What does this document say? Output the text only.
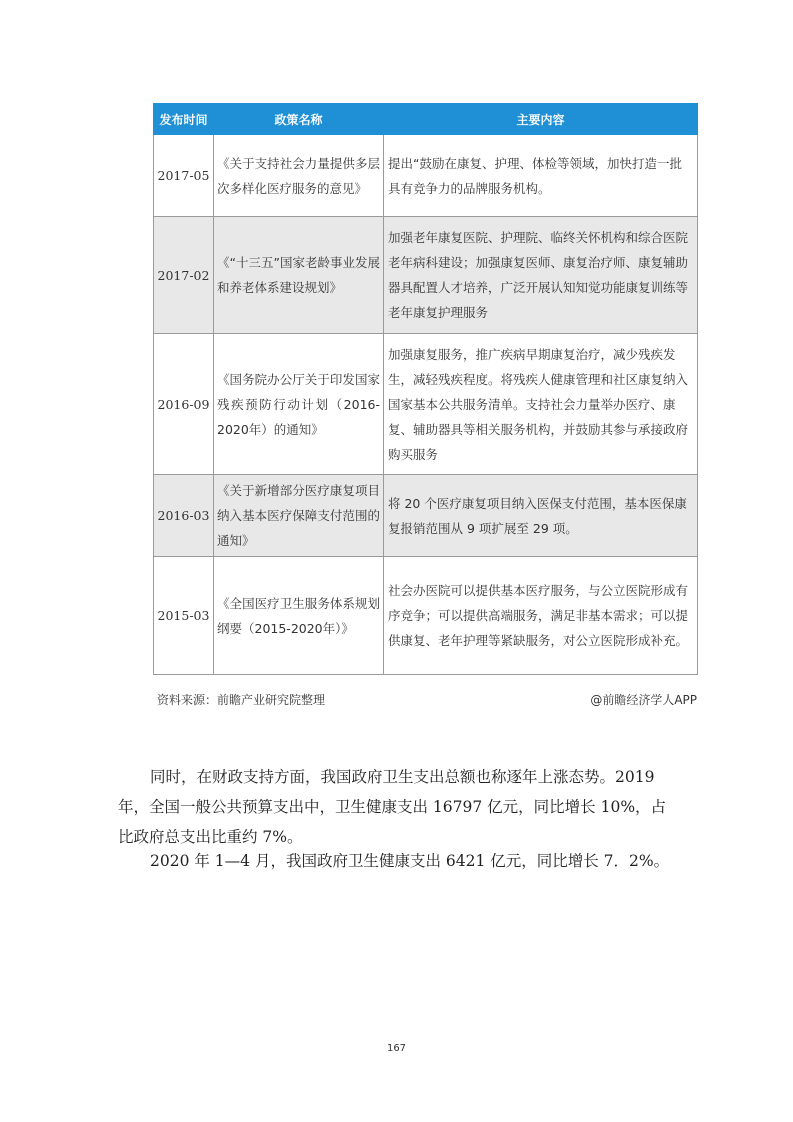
发布时间	政策名称	主要内容
2017-05	《关于支持社会力量提供多层次多样化医疗服务的意见》	提出“鼓励在康复、护理、体检等领域，加快打造一批具有竞争力的品牌服务机构。
2017-02	《“十三五”国家老龄事业发展和养老体系建设规划》	加强老年康复医院、护理院、临终关怀机构和综合医院老年病科建设；加强康复医师、康复治疗师、康复辅助器具配置人才培养，广泛开展认知知觉功能康复训练等老年康复护理服务
2016-09	《国务院办公厅关于印发国家残疾预防行动计划（2016-2020年）的通知》	加强康复服务，推广疾病早期康复治疗，减少残疾发生，减轻残疾程度。将残疾人健康管理和社区康复纳入国家基本公共服务清单。支持社会力量举办医疗、康复、辅助器具等相关服务机构，并鼓励其参与承接政府购买服务
2016-03	《关于新增部分医疗康复项目纳入基本医疗保障支付范围的通知》	将 20 个医疗康复项目纳入医保支付范围，基本医保康复报销范围从 9 项扩展至 29 项。
2015-03	《全国医疗卫生服务体系规划纲要（2015-2020年）》	社会办医院可以提供基本医疗服务，与公立医院形成有序竞争；可以提供高端服务，满足非基本需求；可以提供康复、老年护理等紧缺服务，对公立医院形成补充。
资料来源：前瞻产业研究院整理	@前瞻经济学人APP

同时，在财政支持方面，我国政府卫生支出总额也称逐年上涨态势。2019年，全国一般公共预算支出中，卫生健康支出 16797 亿元，同比增长 10%，占比政府总支出比重约 7%。

2020 年 1—4 月，我国政府卫生健康支出 6421 亿元，同比增长 7．2%。

167
